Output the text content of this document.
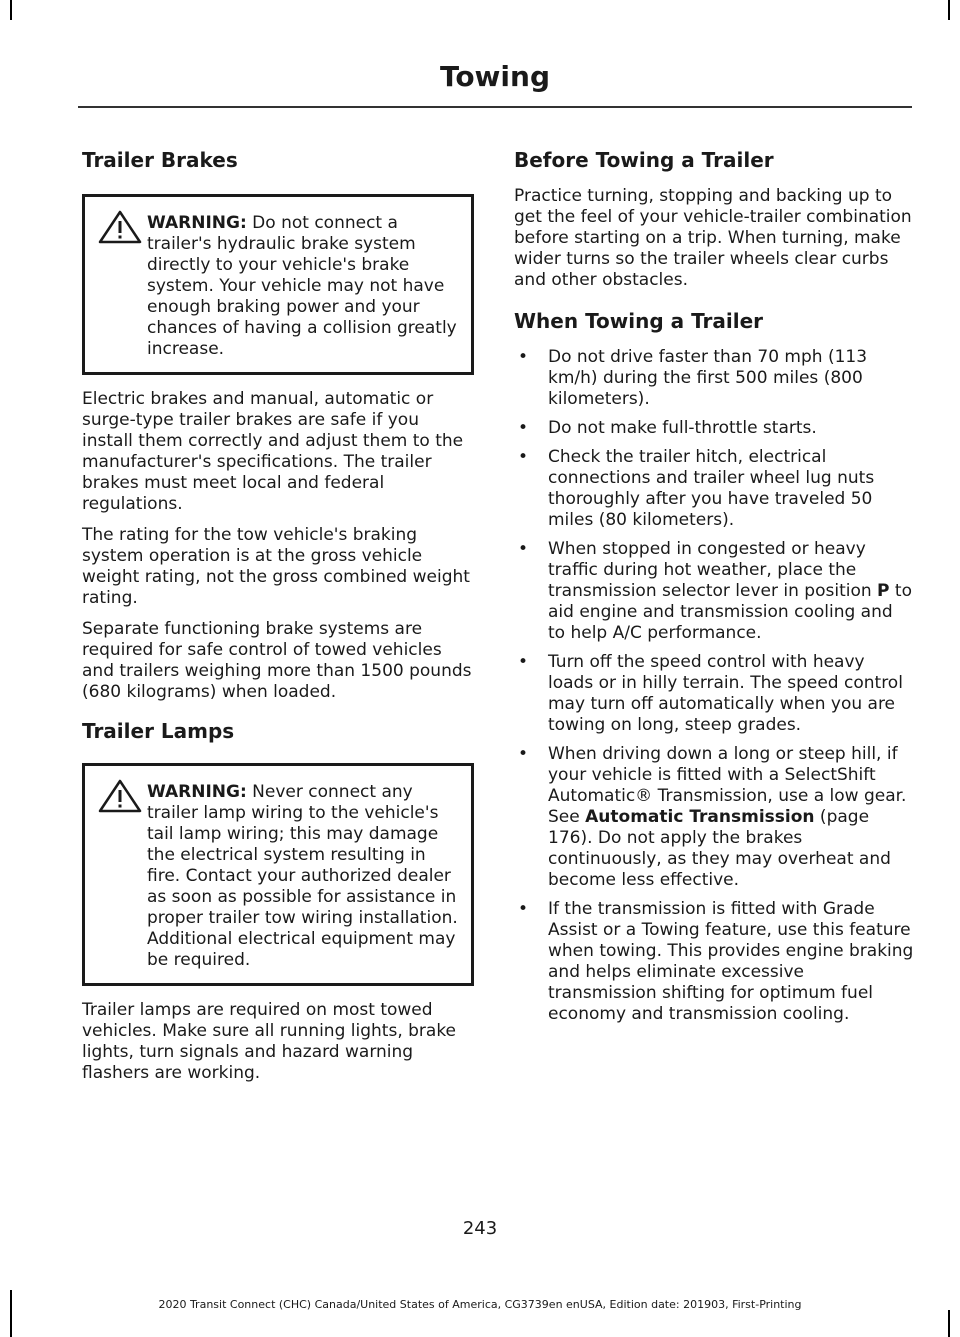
Towing
Trailer Brakes
WARNING: Do not connect a trailer's hydraulic brake system directly to your vehicle's brake system. Your vehicle may not have enough braking power and your chances of having a collision greatly increase.

Electric brakes and manual, automatic or surge-type trailer brakes are safe if you install them correctly and adjust them to the manufacturer's specifications. The trailer brakes must meet local and federal regulations.

The rating for the tow vehicle's braking system operation is at the gross vehicle weight rating, not the gross combined weight rating.

Separate functioning brake systems are required for safe control of towed vehicles and trailers weighing more than 1500 pounds (680 kilograms) when loaded.

Trailer Lamps
WARNING: Never connect any trailer lamp wiring to the vehicle's tail lamp wiring; this may damage the electrical system resulting in fire. Contact your authorized dealer as soon as possible for assistance in proper trailer tow wiring installation. Additional electrical equipment may be required.

Trailer lamps are required on most towed vehicles. Make sure all running lights, brake lights, turn signals and hazard warning flashers are working.

Before Towing a Trailer

Practice turning, stopping and backing up to get the feel of your vehicle-trailer combination before starting on a trip. When turning, make wider turns so the trailer wheels clear curbs and other obstacles.

When Towing a Trailer
• Do not drive faster than 70 mph (113 km/h) during the first 500 miles (800 kilometers).
• Do not make full-throttle starts.
• Check the trailer hitch, electrical connections and trailer wheel lug nuts thoroughly after you have traveled 50 miles (80 kilometers).
• When stopped in congested or heavy traffic during hot weather, place the transmission selector lever in position P to aid engine and transmission cooling and to help A/C performance.
• Turn off the speed control with heavy loads or in hilly terrain. The speed control may turn off automatically when you are towing on long, steep grades.
• When driving down a long or steep hill, if your vehicle is fitted with a SelectShift Automatic® Transmission, use a low gear. See Automatic Transmission (page 176). Do not apply the brakes continuously, as they may overheat and become less effective.
• If the transmission is fitted with Grade Assist or a Towing feature, use this feature when towing. This provides engine braking and helps eliminate excessive transmission shifting for optimum fuel economy and transmission cooling.
243
2020 Transit Connect (CHC) Canada/United States of America, CG3739en enUSA, Edition date: 201903, First-Printing
